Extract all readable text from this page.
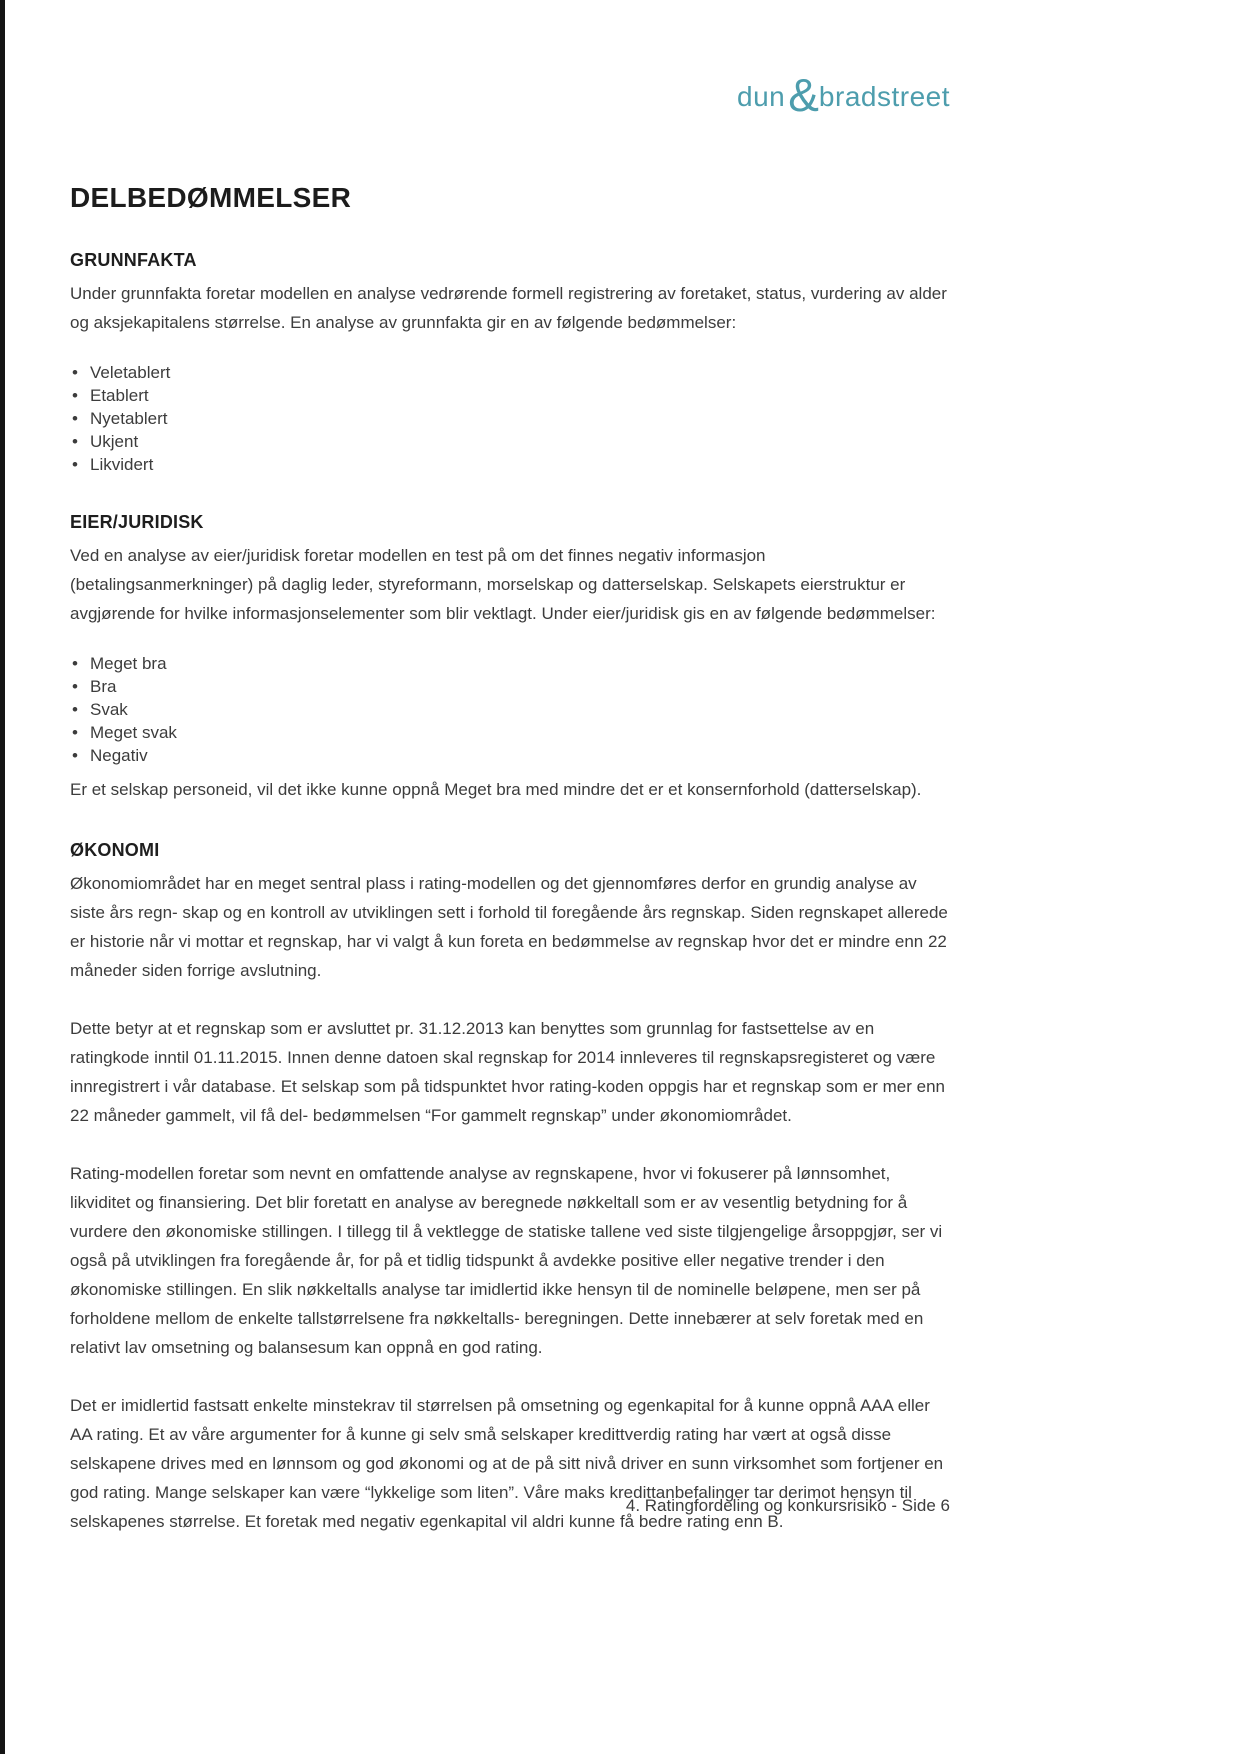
dun&bradstreet
DELBEDØMMELSER
GRUNNFAKTA

Under grunnfakta foretar modellen en analyse vedrørende formell registrering av foretaket, status, vurdering av alder og aksjekapitalens størrelse. En analyse av grunnfakta gir en av følgende bedømmelser:

• Veletablert
• Etablert
• Nyetablert
• Ukjent
• Likvidert
EIER/JURIDISK

Ved en analyse av eier/juridisk foretar modellen en test på om det finnes negativ informasjon (betalingsanmerkninger) på daglig leder, styreformann, morselskap og datterselskap. Selskapets eierstruktur er avgjørende for hvilke informasjonselementer som blir vektlagt. Under eier/juridisk gis en av følgende bedømmelser:

• Meget bra
• Bra
• Svak
• Meget svak
• Negativ

Er et selskap personeid, vil det ikke kunne oppnå Meget bra med mindre det er et konsernforhold (datterselskap).

ØKONOMI

Økonomiområdet har en meget sentral plass i rating-modellen og det gjennomføres derfor en grundig analyse av siste års regn- skap og en kontroll av utviklingen sett i forhold til foregående års regnskap. Siden regnskapet allerede er historie når vi mottar et regnskap, har vi valgt å kun foreta en bedømmelse av regnskap hvor det er mindre enn 22 måneder siden forrige avslutning.

Dette betyr at et regnskap som er avsluttet pr. 31.12.2013 kan benyttes som grunnlag for fastsettelse av en ratingkode inntil 01.11.2015. Innen denne datoen skal regnskap for 2014 innleveres til regnskapsregisteret og være innregistrert i vår database. Et selskap som på tidspunktet hvor rating-koden oppgis har et regnskap som er mer enn 22 måneder gammelt, vil få del- bedømmelsen “For gammelt regnskap” under økonomiområdet.

Rating-modellen foretar som nevnt en omfattende analyse av regnskapene, hvor vi fokuserer på lønnsomhet, likviditet og finansiering. Det blir foretatt en analyse av beregnede nøkkeltall som er av vesentlig betydning for å vurdere den økonomiske stillingen. I tillegg til å vektlegge de statiske tallene ved siste tilgjengelige årsoppgjør, ser vi også på utviklingen fra foregående år, for på et tidlig tidspunkt å avdekke positive eller negative trender i den økonomiske stillingen. En slik nøkkeltalls analyse tar imidlertid ikke hensyn til de nominelle beløpene, men ser på forholdene mellom de enkelte tallstørrelsene fra nøkkeltalls- beregningen. Dette innebærer at selv foretak med en relativt lav omsetning og balansesum kan oppnå en god rating.

Det er imidlertid fastsatt enkelte minstekrav til størrelsen på omsetning og egenkapital for å kunne oppnå AAA eller AA rating. Et av våre argumenter for å kunne gi selv små selskaper kredittverdig rating har vært at også disse selskapene drives med en lønnsom og god økonomi og at de på sitt nivå driver en sunn virksomhet som fortjener en god rating. Mange selskaper kan være “lykkelige som liten”. Våre maks kredittanbefalinger tar derimot hensyn til selskapenes størrelse. Et foretak med negativ egenkapital vil aldri kunne få bedre rating enn B.

4. Ratingfordeling og konkursrisiko - Side 6
